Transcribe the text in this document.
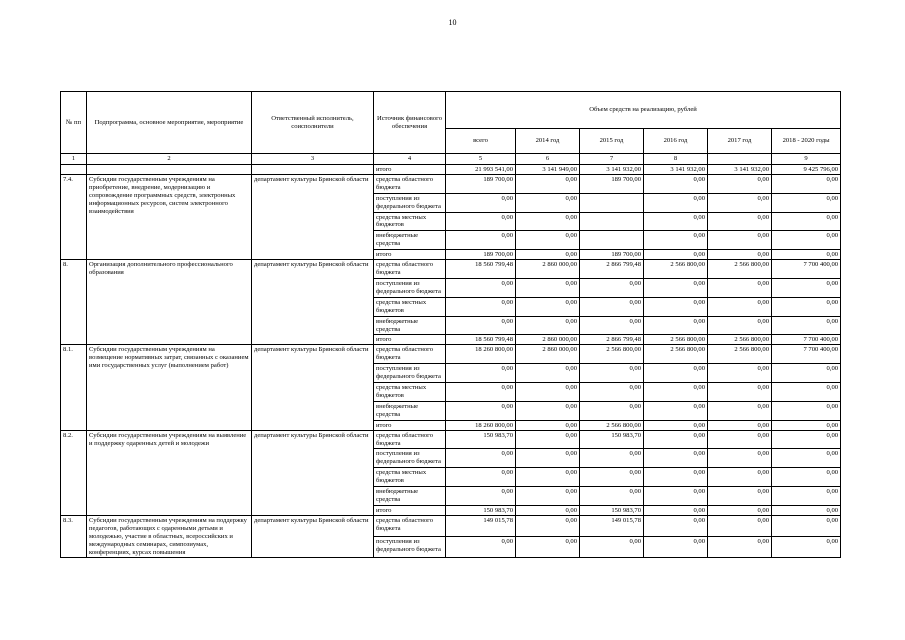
10
№ пп	Подпрограмма, основное мероприятие, мероприятие	Ответственный исполнитель, соисполнители	Источник финансового обеспечения	Объем средств на реализацию, рублей					
				всего	2014 год	2015 год	2016 год	2017 год	2018 - 2020 годы
1	2	3	4	5	6	7	8		9
			итого	21 993 541,00	3 141 949,00	3 141 932,00	3 141 932,00	3 141 932,00	9 425 796,00
7.4.	Субсидии государственным учреждениям на приобретение, внедрение, модернизацию и сопровождение программных средств, электронных информационных ресурсов, систем электронного взаимодействия	департамент культуры Брянской области	средства областного бюджета	189 700,00	0,00	189 700,00	0,00	0,00	0,00
			поступления из федерального бюджета	0,00	0,00		0,00	0,00	0,00
			средства местных бюджетов	0,00	0,00		0,00	0,00	0,00
			внебюджетные средства	0,00	0,00		0,00	0,00	0,00
			итого	189 700,00	0,00	189 700,00	0,00	0,00	0,00
8.	Организация дополнительного профессионального образования	департамент культуры Брянской области	средства областного бюджета	18 560 799,48	2 860 000,00	2 866 799,48	2 566 800,00	2 566 800,00	7 700 400,00
			поступления из федерального бюджета	0,00	0,00	0,00	0,00	0,00	0,00
			средства местных бюджетов	0,00	0,00	0,00	0,00	0,00	0,00
			внебюджетные средства	0,00	0,00	0,00	0,00	0,00	0,00
			итого	18 560 799,48	2 860 000,00	2 866 799,48	2 566 800,00	2 566 800,00	7 700 400,00
8.1.	Субсидии государственным учреждениям на возмещение нормативных затрат, связанных с оказанием ими государственных услуг (выполнением работ)	департамент культуры Брянской области	средства областного бюджета	18 260 800,00	2 860 000,00	2 566 800,00	2 566 800,00	2 566 800,00	7 700 400,00
			поступления из федерального бюджета	0,00	0,00	0,00	0,00	0,00	0,00
			средства местных бюджетов	0,00	0,00	0,00	0,00	0,00	0,00
			внебюджетные средства	0,00	0,00	0,00	0,00	0,00	0,00
			итого	18 260 800,00	0,00	2 566 800,00	0,00	0,00	0,00
8.2.	Субсидии государственным учреждениям на выявление и поддержку одаренных детей и молодежи	департамент культуры Брянской области	средства областного бюджета	150 983,70	0,00	150 983,70	0,00	0,00	0,00
			поступления из федерального бюджета	0,00	0,00	0,00	0,00	0,00	0,00
			средства местных бюджетов	0,00	0,00	0,00	0,00	0,00	0,00
			внебюджетные средства	0,00	0,00	0,00	0,00	0,00	0,00
			итого	150 983,70	0,00	150 983,70	0,00	0,00	0,00
8.3.	Субсидии государственным учреждениям на поддержку педагогов, работающих с одаренными детьми и молодежью, участие в областных, всероссийских и международных семинарах, симпозиумах, конференциях, курсах повышения	департамент культуры Брянской области	средства областного бюджета	149 015,78	0,00	149 015,78	0,00	0,00	0,00
			поступления из федерального бюджета	0,00	0,00	0,00	0,00	0,00	0,00
